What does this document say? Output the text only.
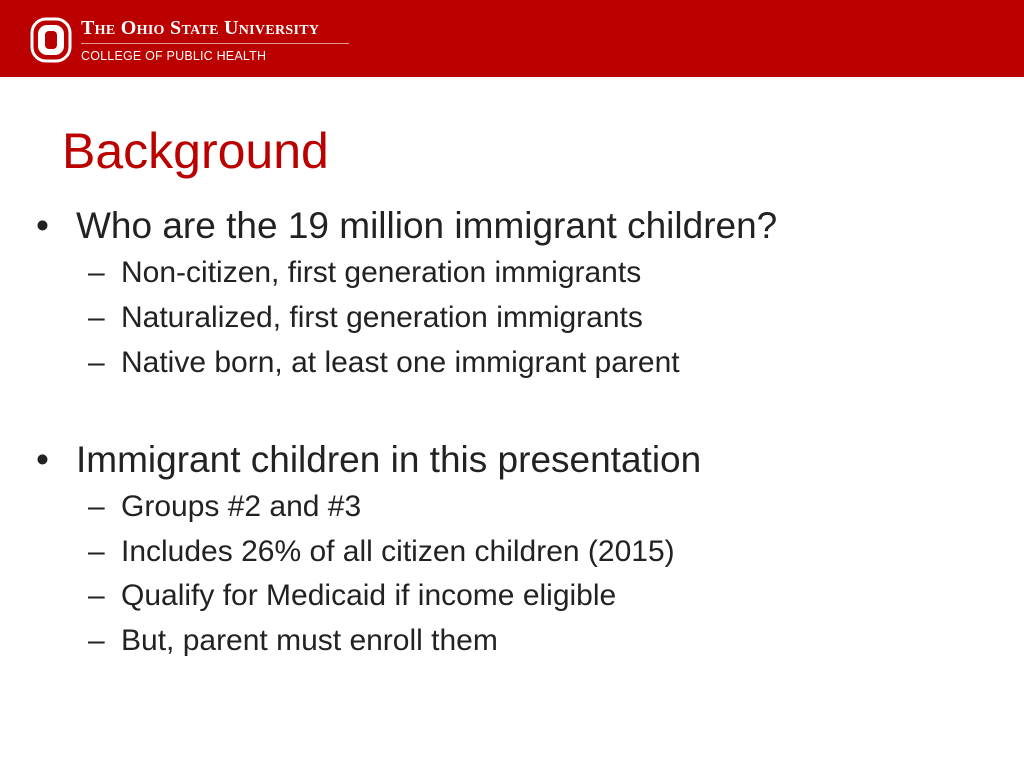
The Ohio State University
COLLEGE OF PUBLIC HEALTH
Background
• Who are the 19 million immigrant children?
– Non-citizen, first generation immigrants
– Naturalized, first generation immigrants
– Native born, at least one immigrant parent
• Immigrant children in this presentation
– Groups #2 and #3
– Includes 26% of all citizen children (2015)
– Qualify for Medicaid if income eligible
– But, parent must enroll them
